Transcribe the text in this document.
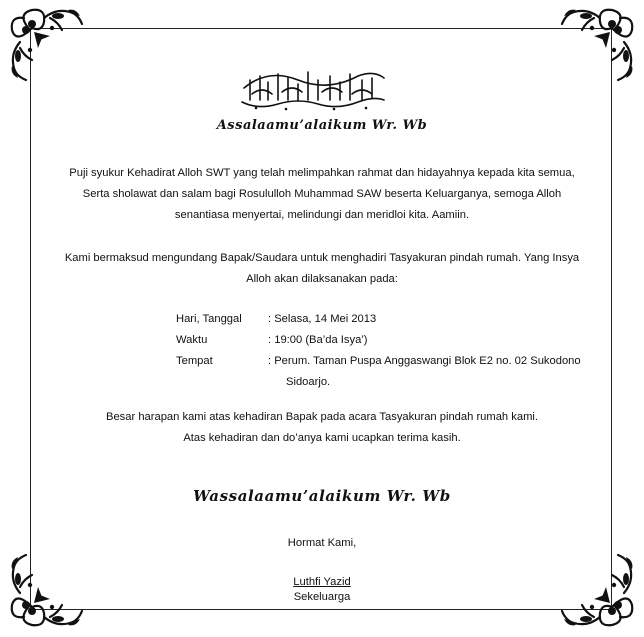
Assalaamu’alaikum Wr. Wb
Puji syukur Kehadirat Alloh SWT yang telah melimpahkan rahmat dan hidayahnya kepada kita semua,
Serta sholawat dan salam bagi Rosululloh Muhammad SAW beserta Keluarganya, semoga Alloh
senantiasa menyertai, melindungi dan meridloi kita. Aamiin.
Kami bermaksud mengundang Bapak/Saudara untuk menghadiri Tasyakuran pindah rumah. Yang Insya
Alloh akan dilaksanakan pada:
Hari, Tanggal	: Selasa, 14 Mei 2013
Waktu	: 19:00 (Ba’da Isya’)
Tempat	: Perum. Taman Puspa Anggaswangi Blok E2 no. 02 Sukodono
Sidoarjo.
Besar harapan kami atas kehadiran Bapak pada acara Tasyakuran pindah rumah kami.
Atas kehadiran dan do’anya kami ucapkan terima kasih.
Wassalaamu’alaikum Wr. Wb
Hormat Kami,
Luthfi Yazid
Sekeluarga
